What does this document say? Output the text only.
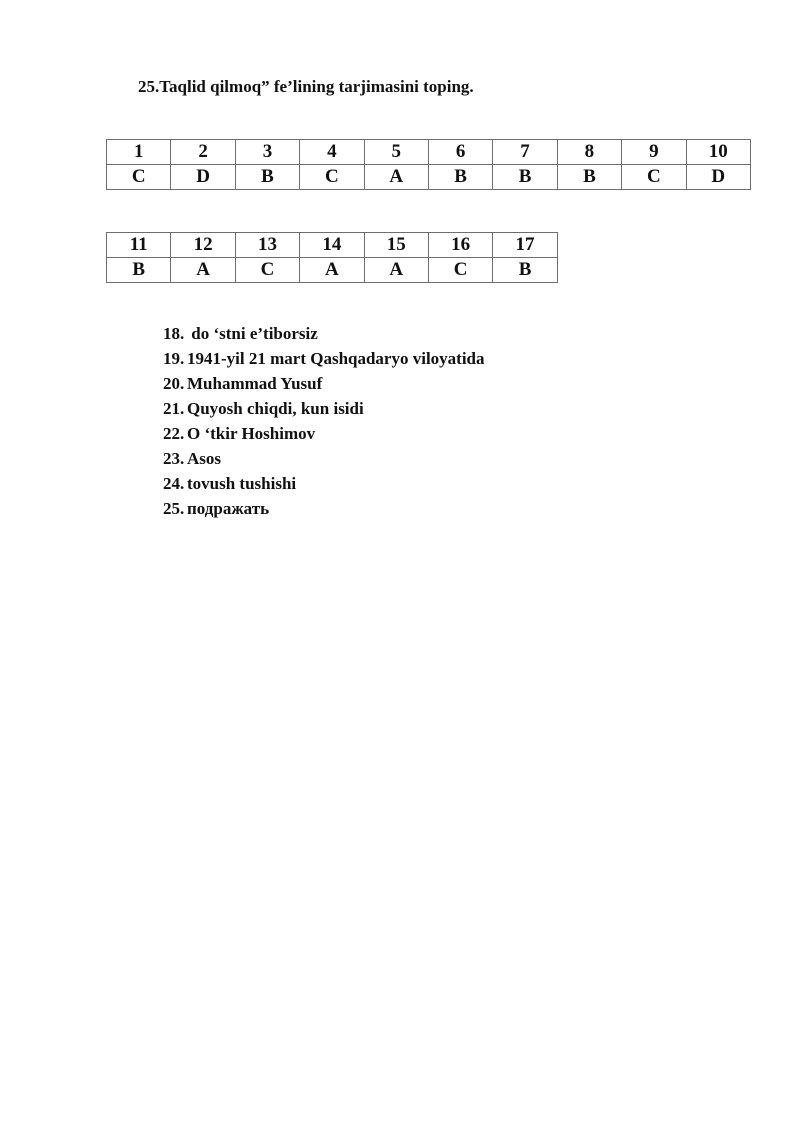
25.Taqlid qilmoq” fe’lining tarjimasini toping.
1	2	3	4	5	6	7	8	9	10
C	D	B	C	A	B	B	B	C	D
11	12	13	14	15	16	17
B	A	C	A	A	C	B
18. do ‘stni e’tiborsiz
19. 1941-yil 21 mart Qashqadaryo viloyatida
20. Muhammad Yusuf
21. Quyosh chiqdi, kun isidi
22. O ‘tkir Hoshimov
23. Asos
24. tovush tushishi
25. подражать
